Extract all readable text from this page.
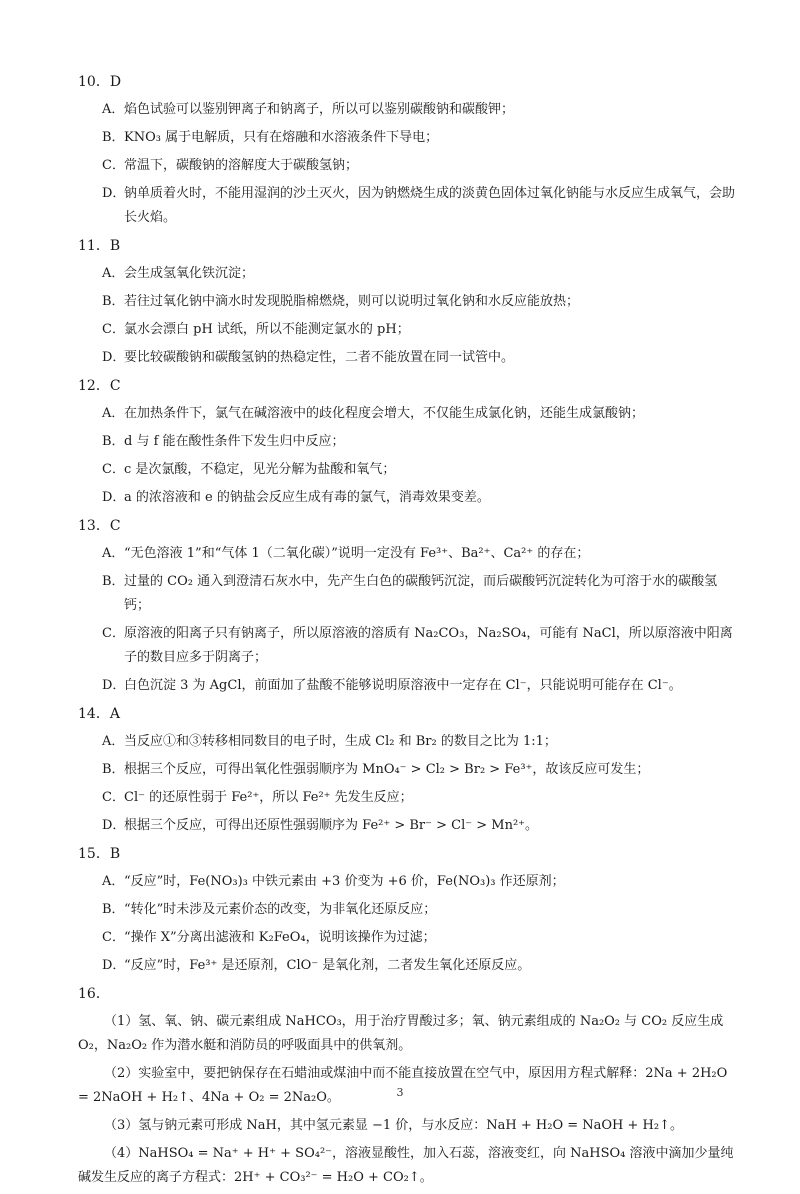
10．D
A． 焰色试验可以鉴别钾离子和钠离子，所以可以鉴别碳酸钠和碳酸钾；
B． KNO₃ 属于电解质，只有在熔融和水溶液条件下导电；
C． 常温下，碳酸钠的溶解度大于碳酸氢钠；
D．
钠单质着火时，不能用湿润的沙土灭火，因为钠燃烧生成的淡黄色固体过氧化钠能与水反应生成氧气，会助长火焰。
11．B
A． 会生成氢氧化铁沉淀；
B． 若往过氧化钠中滴水时发现脱脂棉燃烧，则可以说明过氧化钠和水反应能放热；
C． 氯水会漂白 pH 试纸，所以不能测定氯水的 pH；
D．
要比较碳酸钠和碳酸氢钠的热稳定性，二者不能放置在同一试管中。
12．C
A． 在加热条件下，氯气在碱溶液中的歧化程度会增大，不仅能生成氯化钠，还能生成氯酸钠；
B． d 与 f 能在酸性条件下发生归中反应；
C． c 是次氯酸，不稳定，见光分解为盐酸和氧气；
D．
a 的浓溶液和 e 的钠盐会反应生成有毒的氯气，消毒效果变差。
13．C
A． “无色溶液 1”和“气体 1（二氧化碳）”说明一定没有 Fe³⁺、Ba²⁺、Ca²⁺ 的存在；
B． 过量的 CO₂ 通入到澄清石灰水中，先产生白色的碳酸钙沉淀，而后碳酸钙沉淀转化为可溶于水的碳酸氢钙；
C． 原溶液的阳离子只有钠离子，所以原溶液的溶质有 Na₂CO₃，Na₂SO₄，可能有 NaCl，所以原溶液中阳离子的数目应多于阴离子；
D．
白色沉淀 3 为 AgCl，前面加了盐酸不能够说明原溶液中一定存在 Cl⁻，只能说明可能存在 Cl⁻。
14．A
A． 当反应①和③转移相同数目的电子时，生成 Cl₂ 和 Br₂ 的数目之比为 1:1；
B． 根据三个反应，可得出氧化性强弱顺序为 MnO₄⁻ > Cl₂ > Br₂ > Fe³⁺，故该反应可发生；
C． Cl⁻ 的还原性弱于 Fe²⁺，所以 Fe²⁺ 先发生反应；
D．
根据三个反应，可得出还原性强弱顺序为 Fe²⁺ > Br⁻ > Cl⁻ > Mn²⁺。
15．B
A． “反应”时，Fe(NO₃)₃ 中铁元素由 +3 价变为 +6 价，Fe(NO₃)₃ 作还原剂；
B． “转化”时未涉及元素价态的改变，为非氧化还原反应；
C． “操作 X”分离出滤液和 K₂FeO₄，说明该操作为过滤；
D．
“反应”时，Fe³⁺ 是还原剂，ClO⁻ 是氧化剂，二者发生氧化还原反应。
16．
（1）氢、氧、钠、碳元素组成 NaHCO₃，用于治疗胃酸过多；氧、钠元素组成的 Na₂O₂ 与 CO₂ 反应生成 O₂，Na₂O₂ 作为潜水艇和消防员的呼吸面具中的供氧剂。
（2）实验室中，要把钠保存在石蜡油或煤油中而不能直接放置在空气中，原因用方程式解释：2Na + 2H₂O = 2NaOH + H₂↑、4Na + O₂ = 2Na₂O。
（3）氢与钠元素可形成 NaH，其中氢元素显 −1 价，与水反应：NaH + H₂O = NaOH + H₂↑。
（4）NaHSO₄ = Na⁺ + H⁺ + SO₄²⁻，溶液显酸性，加入石蕊，溶液变红，向 NaHSO₄ 溶液中滴加少量纯碱发生反应的离子方程式：2H⁺ + CO₃²⁻ = H₂O + CO₂↑。
3
